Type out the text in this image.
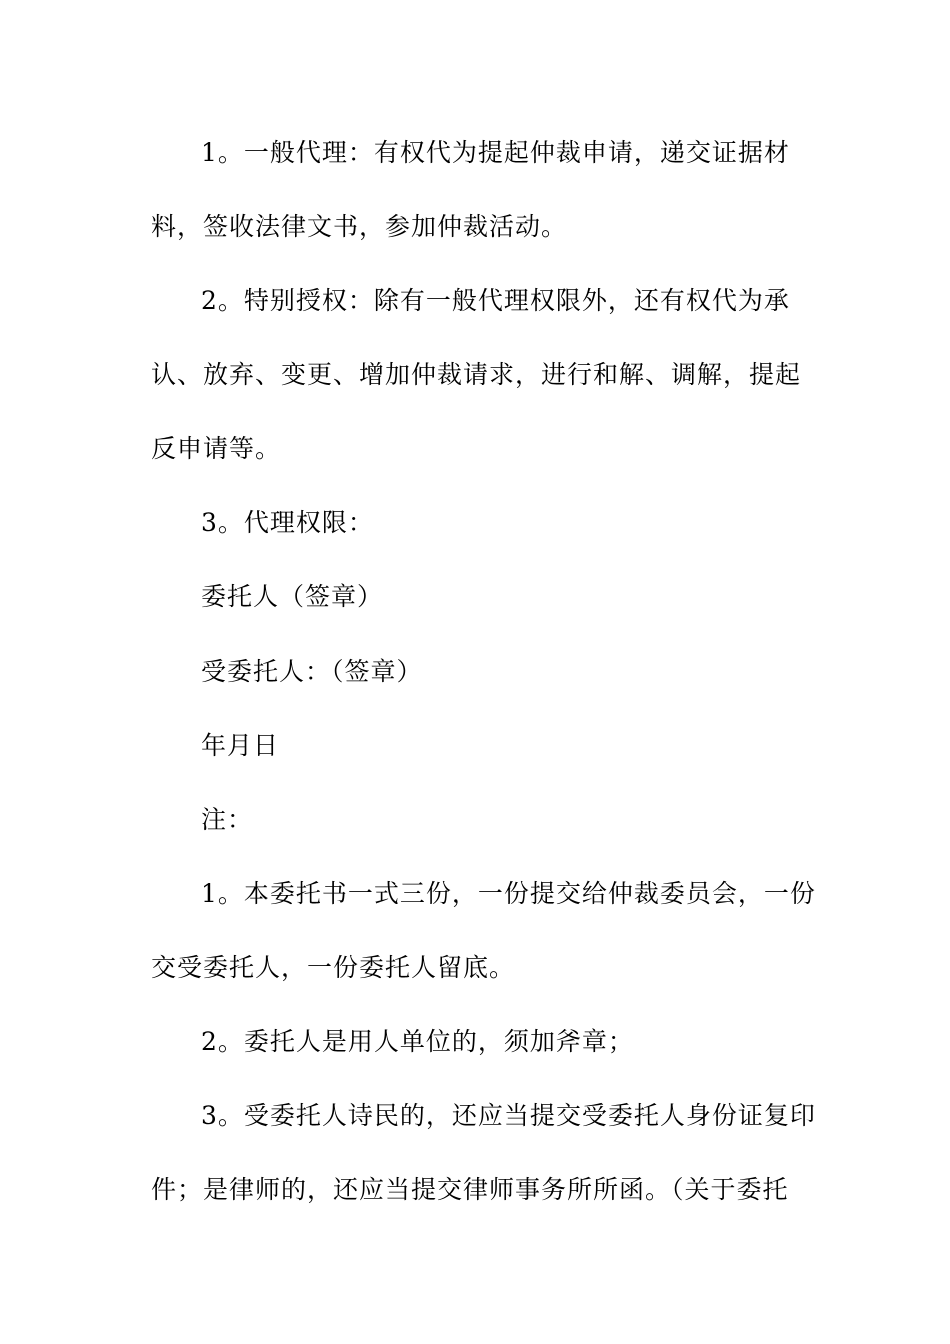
1。一般代理：有权代为提起仲裁申请，递交证据材
料，签收法律文书，参加仲裁活动。
2。特别授权：除有一般代理权限外，还有权代为承
认、放弃、变更、增加仲裁请求，进行和解、调解，提起
反申请等。
3。代理权限：
委托人（签章）
受委托人：（签章）
年月日
注：
1。本委托书一式三份，一份提交给仲裁委员会，一份
交受委托人，一份委托人留底。
2。委托人是用人单位的，须加斧章；
3。受委托人诗民的，还应当提交受委托人身份证复印
件；是律师的，还应当提交律师事务所所函。（关于委托
